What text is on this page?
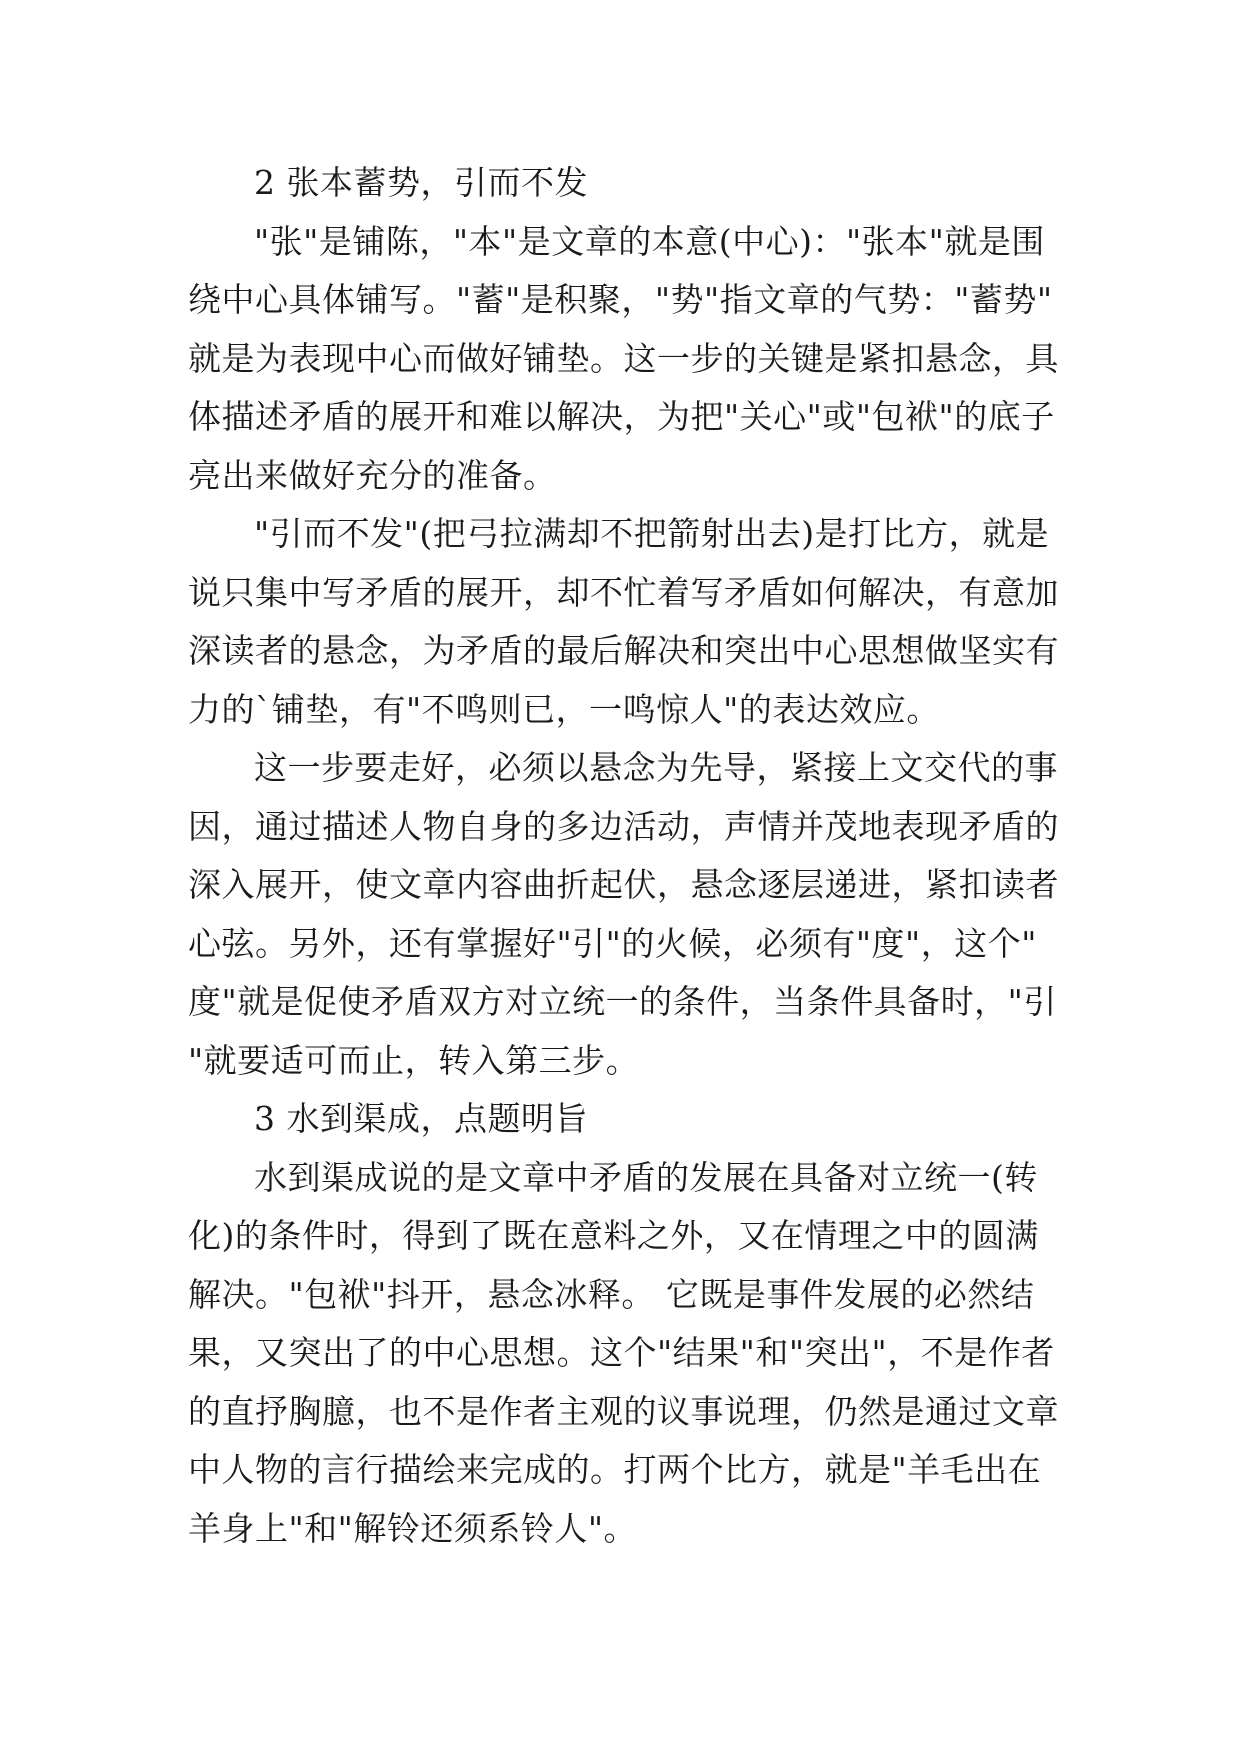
2 张本蓄势，引而不发
"张"是铺陈，"本"是文章的本意(中心)："张本"就是围
绕中心具体铺写。"蓄"是积聚，"势"指文章的气势："蓄势"
就是为表现中心而做好铺垫。这一步的关键是紧扣悬念，具
体描述矛盾的展开和难以解决，为把"关心"或"包袱"的底子
亮出来做好充分的准备。
"引而不发"(把弓拉满却不把箭射出去)是打比方，就是
说只集中写矛盾的展开，却不忙着写矛盾如何解决，有意加
深读者的悬念，为矛盾的最后解决和突出中心思想做坚实有
力的`铺垫，有"不鸣则已，一鸣惊人"的表达效应。
这一步要走好，必须以悬念为先导，紧接上文交代的事
因，通过描述人物自身的多边活动，声情并茂地表现矛盾的
深入展开，使文章内容曲折起伏，悬念逐层递进，紧扣读者
心弦。另外，还有掌握好"引"的火候，必须有"度"，这个"
度"就是促使矛盾双方对立统一的条件，当条件具备时，"引
"就要适可而止，转入第三步。
3 水到渠成，点题明旨
水到渠成说的是文章中矛盾的发展在具备对立统一(转
化)的条件时，得到了既在意料之外，又在情理之中的圆满
解决。"包袱"抖开，悬念冰释。 它既是事件发展的必然结
果，又突出了的中心思想。这个"结果"和"突出"，不是作者
的直抒胸臆，也不是作者主观的议事说理，仍然是通过文章
中人物的言行描绘来完成的。打两个比方，就是"羊毛出在
羊身上"和"解铃还须系铃人"。
